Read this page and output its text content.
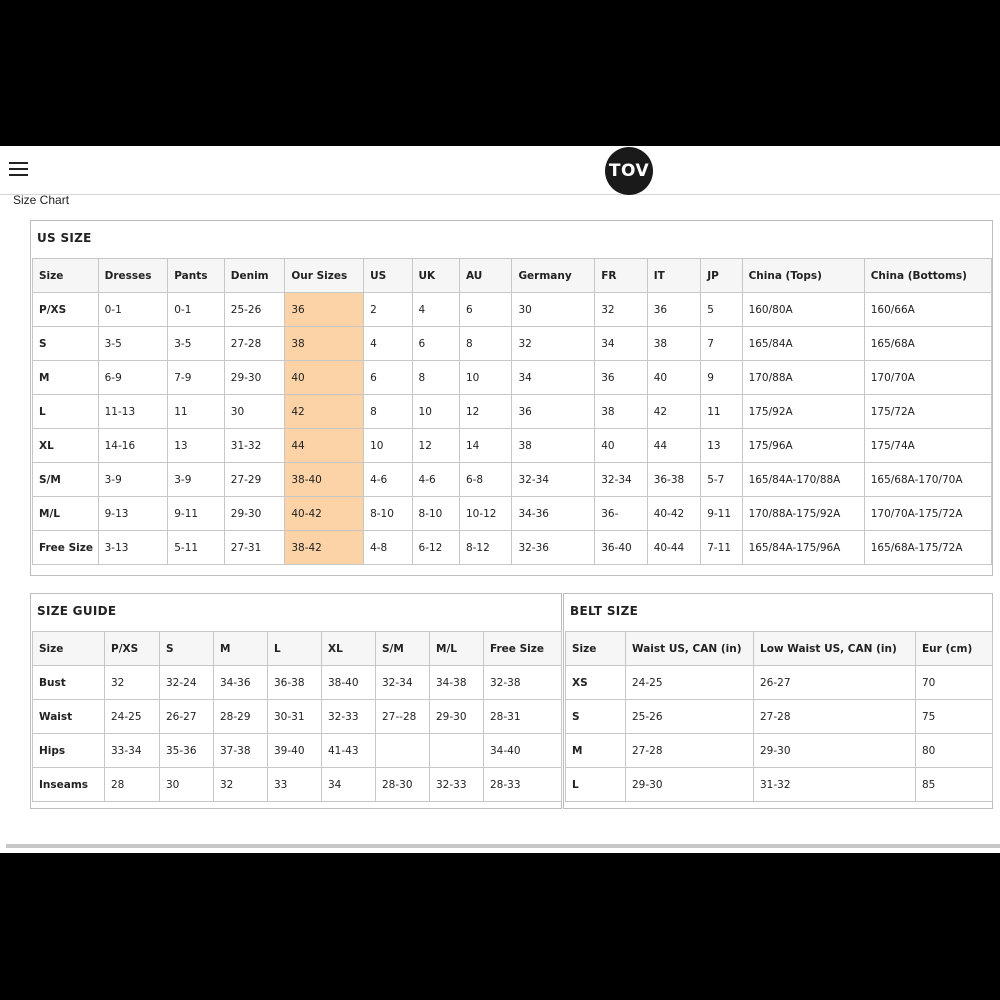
TOV
Size Chart
US SIZE
Size	Dresses	Pants	Denim	Our Sizes	US	UK	AU	Germany	FR	IT	JP	China (Tops)	China (Bottoms)
P/XS	0-1	0-1	25-26	36	2	4	6	30	32	36	5	160/80A	160/66A
S	3-5	3-5	27-28	38	4	6	8	32	34	38	7	165/84A	165/68A
M	6-9	7-9	29-30	40	6	8	10	34	36	40	9	170/88A	170/70A
L	11-13	11	30	42	8	10	12	36	38	42	11	175/92A	175/72A
XL	14-16	13	31-32	44	10	12	14	38	40	44	13	175/96A	175/74A
S/M	3-9	3-9	27-29	38-40	4-6	4-6	6-8	32-34	32-34	36-38	5-7	165/84A-170/88A	165/68A-170/70A
M/L	9-13	9-11	29-30	40-42	8-10	8-10	10-12	34-36	36-	40-42	9-11	170/88A-175/92A	170/70A-175/72A
Free Size	3-13	5-11	27-31	38-42	4-8	6-12	8-12	32-36	36-40	40-44	7-11	165/84A-175/96A	165/68A-175/72A
SIZE GUIDE
Size	P/XS	S	M	L	XL	S/M	M/L	Free Size
Bust	32	32-24	34-36	36-38	38-40	32-34	34-38	32-38
Waist	24-25	26-27	28-29	30-31	32-33	27--28	29-30	28-31
Hips	33-34	35-36	37-38	39-40	41-43			34-40
Inseams	28	30	32	33	34	28-30	32-33	28-33
BELT SIZE
Size	Waist US, CAN (in)	Low Waist US, CAN (in)	Eur (cm)
XS	24-25	26-27	70
S	25-26	27-28	75
M	27-28	29-30	80
L	29-30	31-32	85
